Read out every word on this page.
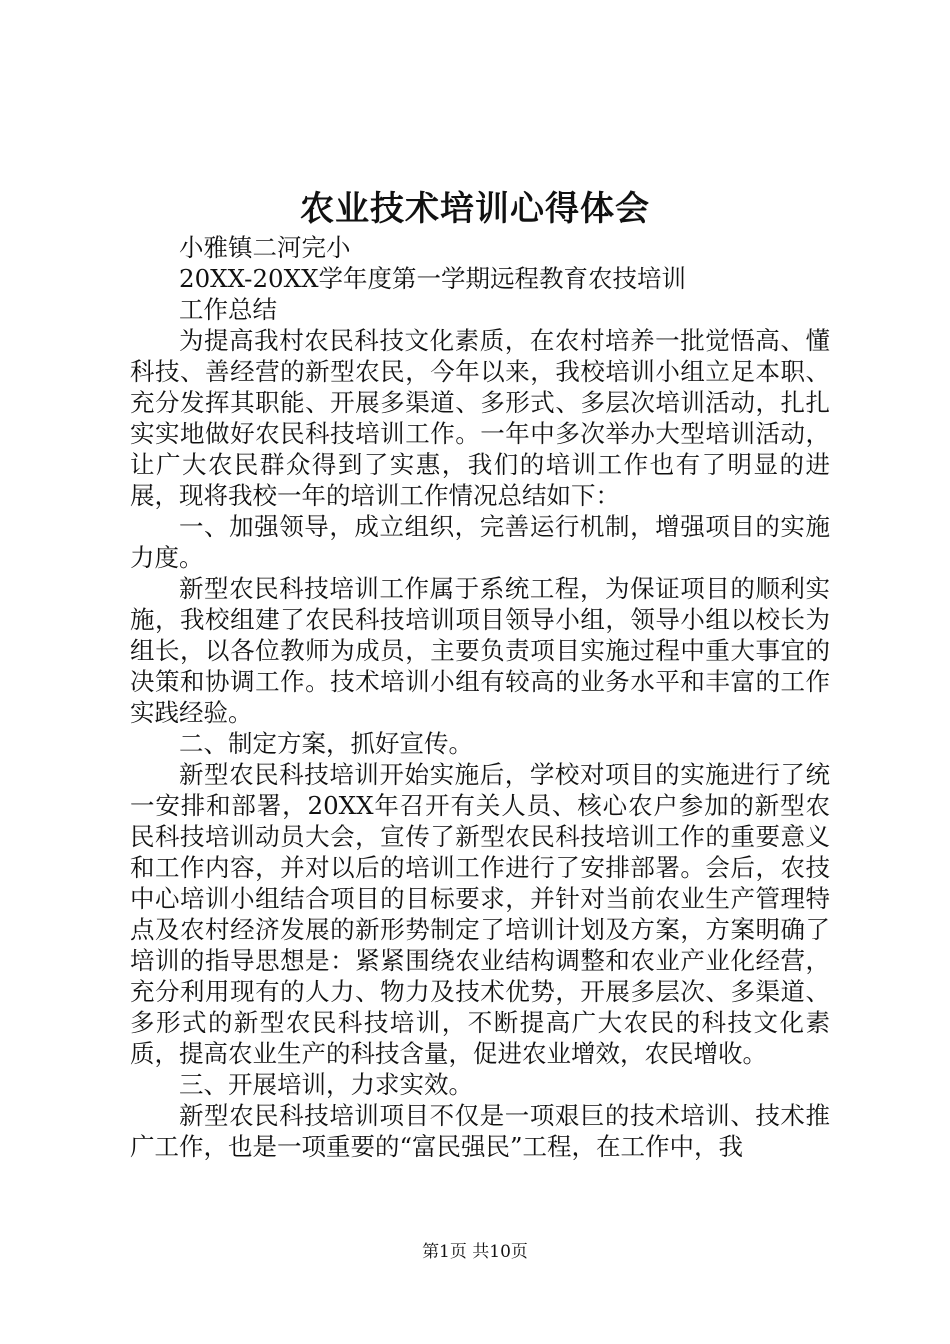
农业技术培训心得体会

小雅镇二河完小

20XX-20XX学年度第一学期远程教育农技培训

工作总结

为提高我村农民科技文化素质，在农村培养一批觉悟高、懂科技、善经营的新型农民，今年以来，我校培训小组立足本职、充分发挥其职能、开展多渠道、多形式、多层次培训活动，扎扎实实地做好农民科技培训工作。一年中多次举办大型培训活动，让广大农民群众得到了实惠，我们的培训工作也有了明显的进展，现将我校一年的培训工作情况总结如下：

一、加强领导，成立组织，完善运行机制，增强项目的实施力度。

新型农民科技培训工作属于系统工程，为保证项目的顺利实施，我校组建了农民科技培训项目领导小组，领导小组以校长为组长，以各位教师为成员，主要负责项目实施过程中重大事宜的决策和协调工作。技术培训小组有较高的业务水平和丰富的工作实践经验。

二、制定方案，抓好宣传。

新型农民科技培训开始实施后，学校对项目的实施进行了统一安排和部署，20XX年召开有关人员、核心农户参加的新型农民科技培训动员大会，宣传了新型农民科技培训工作的重要意义和工作内容，并对以后的培训工作进行了安排部署。会后，农技中心培训小组结合项目的目标要求，并针对当前农业生产管理特点及农村经济发展的新形势制定了培训计划及方案，方案明确了培训的指导思想是：紧紧围绕农业结构调整和农业产业化经营，充分利用现有的人力、物力及技术优势，开展多层次、多渠道、多形式的新型农民科技培训，不断提高广大农民的科技文化素质，提高农业生产的科技含量，促进农业增效，农民增收。

三、开展培训，力求实效。

新型农民科技培训项目不仅是一项艰巨的技术培训、技术推广工作，也是一项重要的“富民强民”工程，在工作中，我

第1页 共10页
